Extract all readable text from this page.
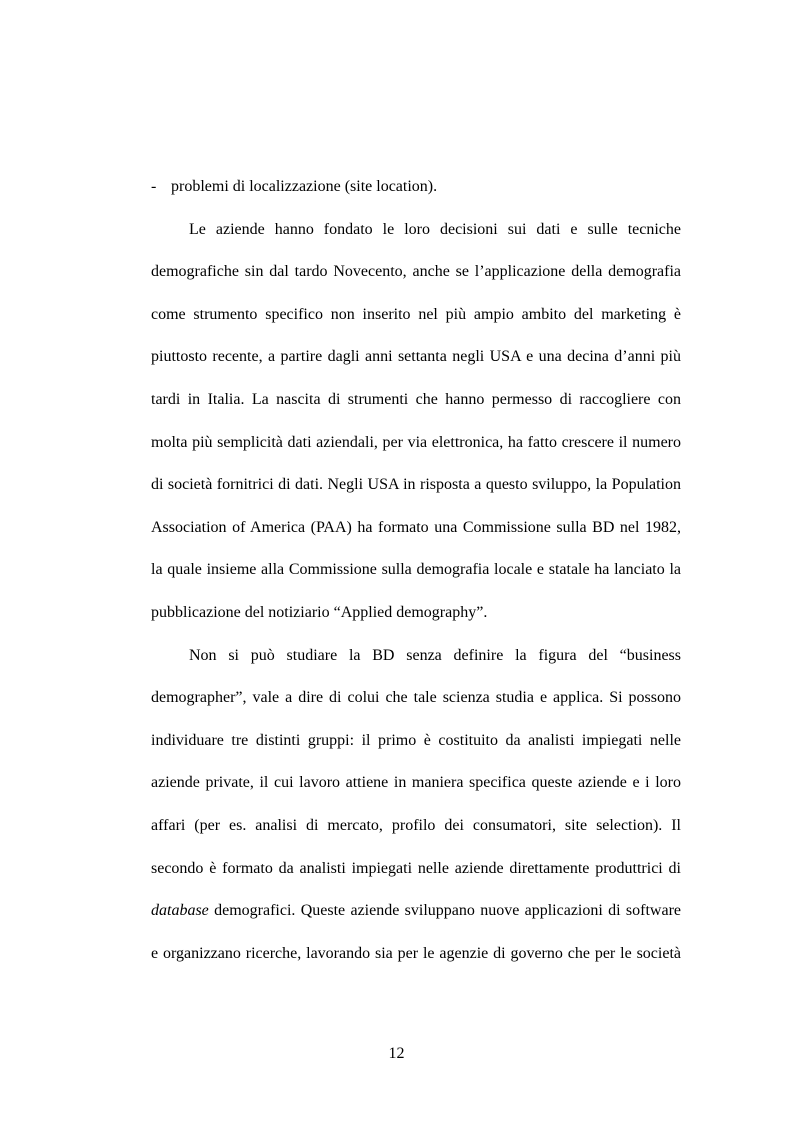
- problemi di localizzazione (site location).
Le aziende hanno fondato le loro decisioni sui dati e sulle tecniche
demografiche sin dal tardo Novecento, anche se l’applicazione della demografia
come strumento specifico non inserito nel più ampio ambito del marketing è
piuttosto recente, a partire dagli anni settanta negli USA e una decina d’anni più
tardi in Italia. La nascita di strumenti che hanno permesso di raccogliere con
molta più semplicità dati aziendali, per via elettronica, ha fatto crescere il numero
di società fornitrici di dati. Negli USA in risposta a questo sviluppo, la Population
Association of America (PAA) ha formato una Commissione sulla BD nel 1982,
la quale insieme alla Commissione sulla demografia locale e statale ha lanciato la
pubblicazione del notiziario “Applied demography”.
Non si può studiare la BD senza definire la figura del “business
demographer”, vale a dire di colui che tale scienza studia e applica. Si possono
individuare tre distinti gruppi: il primo è costituito da analisti impiegati nelle
aziende private, il cui lavoro attiene in maniera specifica queste aziende e i loro
affari (per es. analisi di mercato, profilo dei consumatori, site selection). Il
secondo è formato da analisti impiegati nelle aziende direttamente produttrici di
database demografici. Queste aziende sviluppano nuove applicazioni di software
e organizzano ricerche, lavorando sia per le agenzie di governo che per le società
12
